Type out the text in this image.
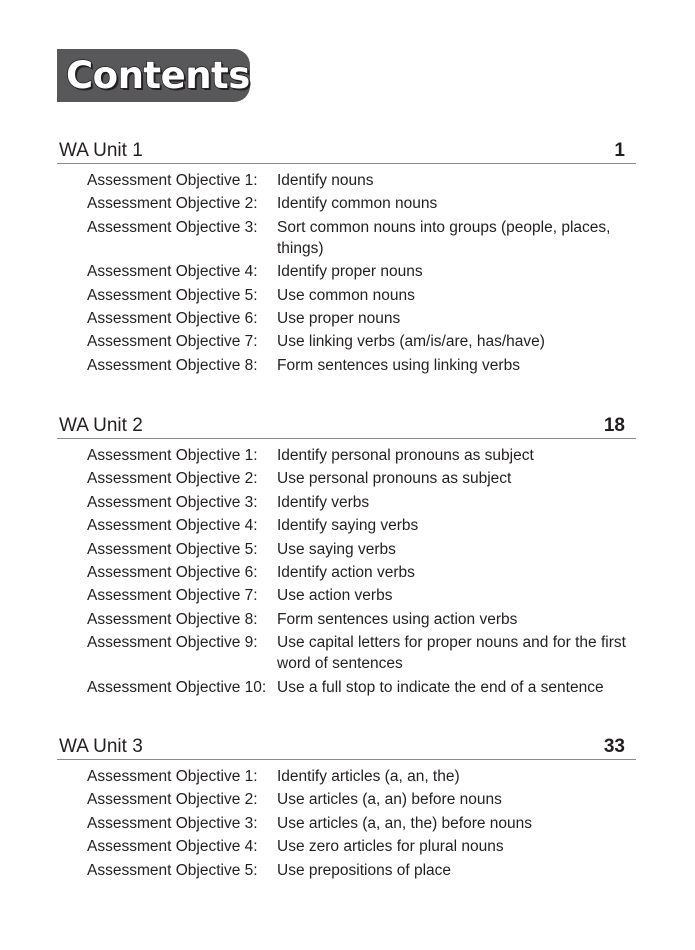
Contents
WA Unit 1	1
Assessment Objective 1:	Identify nouns
Assessment Objective 2:	Identify common nouns
Assessment Objective 3:	Sort common nouns into groups (people, places, things)
Assessment Objective 4:	Identify proper nouns
Assessment Objective 5:	Use common nouns
Assessment Objective 6:	Use proper nouns
Assessment Objective 7:	Use linking verbs (am/is/are, has/have)
Assessment Objective 8:	Form sentences using linking verbs
WA Unit 2	18
Assessment Objective 1:	Identify personal pronouns as subject
Assessment Objective 2:	Use personal pronouns as subject
Assessment Objective 3:	Identify verbs
Assessment Objective 4:	Identify saying verbs
Assessment Objective 5:	Use saying verbs
Assessment Objective 6:	Identify action verbs
Assessment Objective 7:	Use action verbs
Assessment Objective 8:	Form sentences using action verbs
Assessment Objective 9:	Use capital letters for proper nouns and for the first word of sentences
Assessment Objective 10: Use a full stop to indicate the end of a sentence
WA Unit 3	33
Assessment Objective 1:	Identify articles (a, an, the)
Assessment Objective 2:	Use articles (a, an) before nouns
Assessment Objective 3:	Use articles (a, an, the) before nouns
Assessment Objective 4:	Use zero articles for plural nouns
Assessment Objective 5:	Use prepositions of place
